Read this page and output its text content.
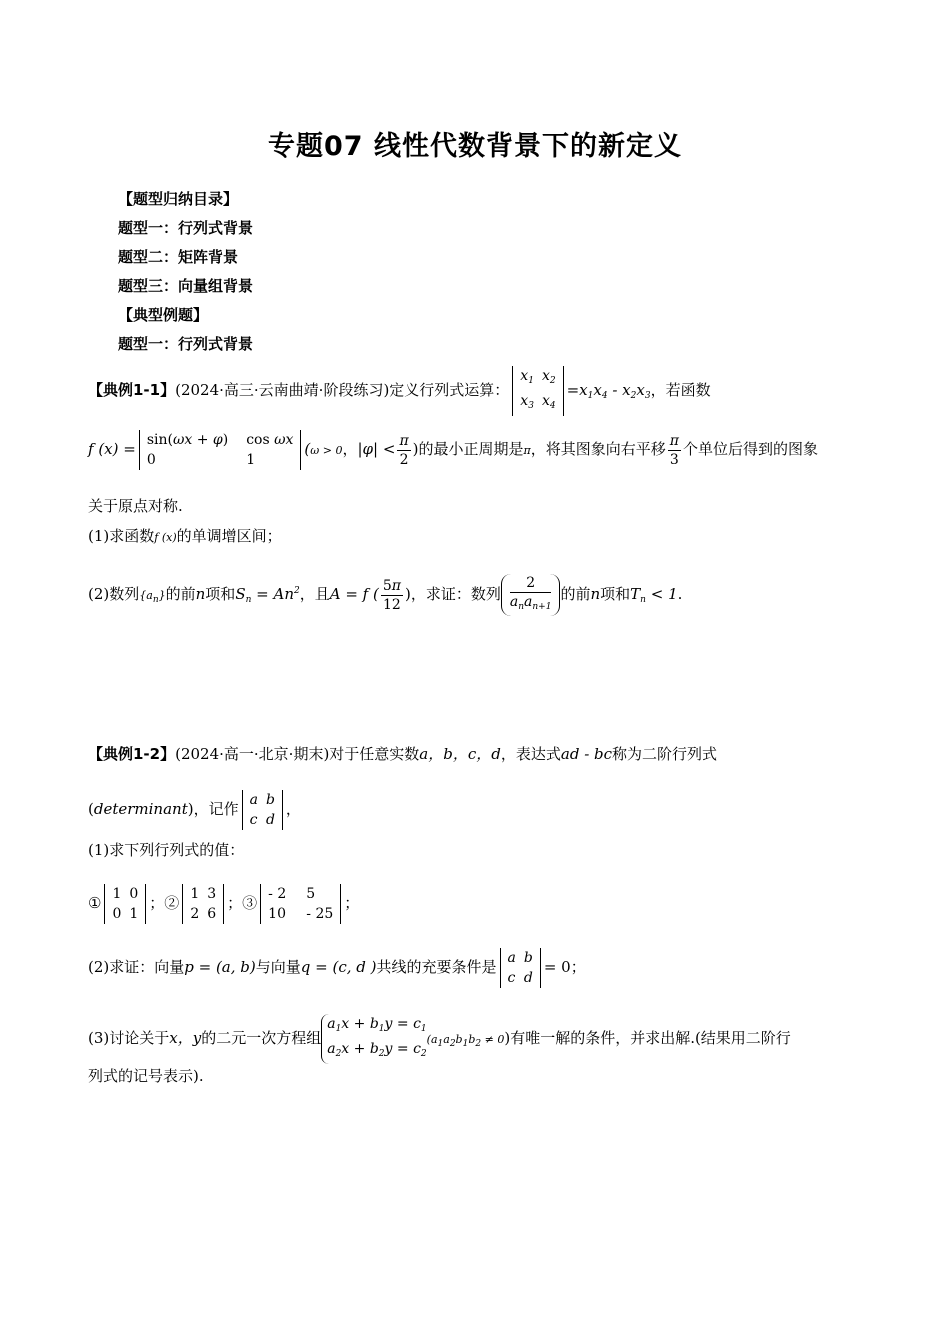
专题07 线性代数背景下的新定义
【题型归纳目录】
题型一：行列式背景
题型二：矩阵背景
题型三：向量组背景
【典型例题】
题型一：行列式背景
【典例1-1】(2024·高三·云南曲靖·阶段练习)定义行列式运算：
$x_1$	$x_2$
$x_3$	$x_4$
$=x_1x_4 - x_2x_3$，若函数
f (x) = sin(ωx + φ)	cos ωx
0	1
(ω > 0，$|\varphi| < \frac{\pi}{2}$ )的最小正周期是π，将其图象向右平移 $\frac{\pi}{3}$ 个单位后得到的图象
关于原点对称.
(1)求函数f (x)的单调增区间；
(2)数列$\{a_n\}$的前n项和$S_n = An^2$，且A = f ( $\frac{5\pi}{12}$ )，求证：数列 $\frac{2}{a_na_{n+1}}$ 的前n项和$T_n < 1$.
【典例1-2】(2024·高一·北京·期末)对于任意实数a，b，c，d，表达式ad - bc称为二阶行列式
(determinant)，记作 a	b
c	d
，
(1)求下列行列式的值：
① 1	0
0	1
；② 1	3
2	6
；③ - 2	5
10	- 25
；
(2)求证：向量p = (a, b)与向量q = (c, d )共线的充要条件是 a	b
c	d
= 0；
(3)讨论关于x，y的二元一次方程组
$a_1x + b_1y = c_1$
$a_2x + b_2y = c_2$
$(a_1a_2b_1b_2 \ne 0)$有唯一解的条件，并求出解.(结果用二阶行
列式的记号表示).
